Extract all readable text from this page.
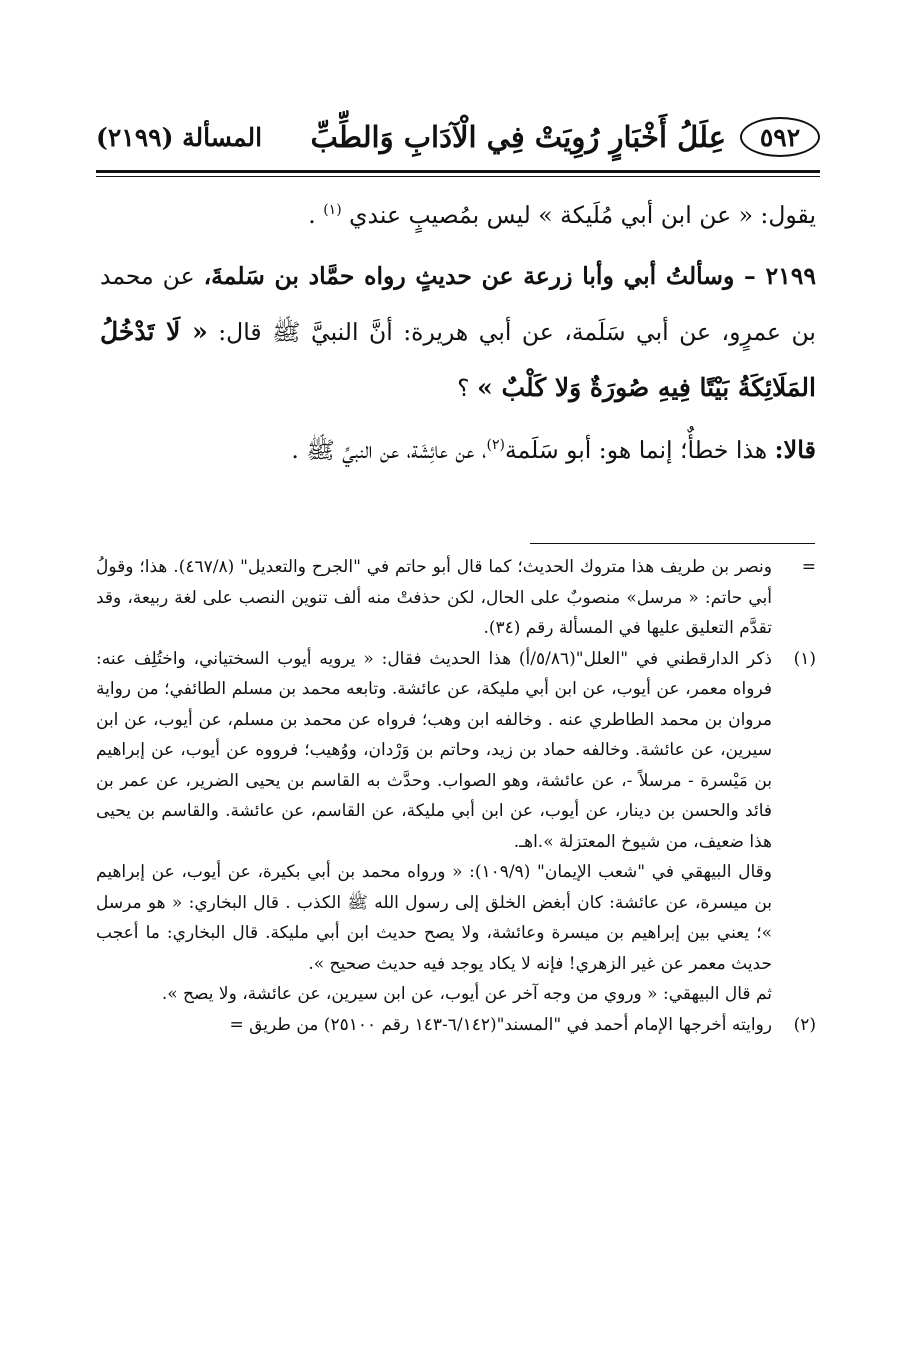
٥٩٢
عِلَلُ أَخْبَارٍ رُوِيَتْ فِي الْآدَابِ وَالطِّبِّ
المسألة (٢١٩٩)

يقول: « عن ابن أبي مُلَيكة » ليس بمُصيبٍ عندي $^{(١)}$ .

٢١٩٩ – وسألتُ أبي وأبا زرعة عن حديثٍ رواه حمَّاد بن سَلمةَ، عن محمد بن عمرٍو، عن أبي سَلَمة، عن أبي هريرة: أنَّ النبيَّ ﷺ قال: « لَا تَدْخُلُ المَلَائِكَةُ بَيْتًا فِيهِ صُورَةٌ وَلا كَلْبٌ » ؟

قالا: هذا خطأٌ؛ إنما هو: أبو سَلَمة$^{(٢)}$، عن عائِشَة، عن النبيِّ ﷺ .

=
ونصر بن طريف هذا متروك الحديث؛ كما قال أبو حاتم في "الجرح والتعديل" (٤٦٧/٨). هذا؛ وقولُ أبي حاتم: « مرسل» منصوبٌ على الحال، لكن حذفتْ منه ألف تنوين النصب على لغة ربيعة، وقد تقدَّم التعليق عليها في المسألة رقم (٣٤).
(١)

ذكر الدارقطني في "العلل"(٥/٨٦/أ) هذا الحديث فقال: « يرويه أيوب السختياني، واختُلِف عنه: فرواه معمر، عن أيوب، عن ابن أبي مليكة، عن عائشة. وتابعه محمد بن مسلم الطائفي؛ من رواية مروان بن محمد الطاطري عنه . وخالفه ابن وهب؛ فرواه عن محمد بن مسلم، عن أيوب، عن ابن سيرين، عن عائشة. وخالفه حماد بن زيد، وحاتم بن وَرْدان، ووُهيب؛ فرووه عن أيوب، عن إبراهيم بن مَيْسرة - مرسلاً -، عن عائشة، وهو الصواب. وحدَّث به القاسم بن يحيى الضرير، عن عمر بن فائد والحسن بن دينار، عن أيوب، عن ابن أبي مليكة، عن القاسم، عن عائشة. والقاسم بن يحيى هذا ضعيف، من شيوخ المعتزلة ».اهـ.

وقال البيهقي في "شعب الإيمان" (١٠٩/٩): « ورواه محمد بن أبي بكيرة، عن أيوب، عن إبراهيم بن ميسرة، عن عائشة: كان أبغض الخلق إلى رسول الله ﷺ الكذب . قال البخاري: « هو مرسل »؛ يعني بين إبراهيم بن ميسرة وعائشة، ولا يصح حديث ابن أبي مليكة. قال البخاري: ما أعجب حديث معمر عن غير الزهري! فإنه لا يكاد يوجد فيه حديث صحيح ».

ثم قال البيهقي: « وروي من وجه آخر عن أيوب، عن ابن سيرين، عن عائشة، ولا يصح ».

(٢)
روايته أخرجها الإمام أحمد في "المسند"(٦/١٤٢-١٤٣ رقم ٢٥١٠٠) من طريق =
